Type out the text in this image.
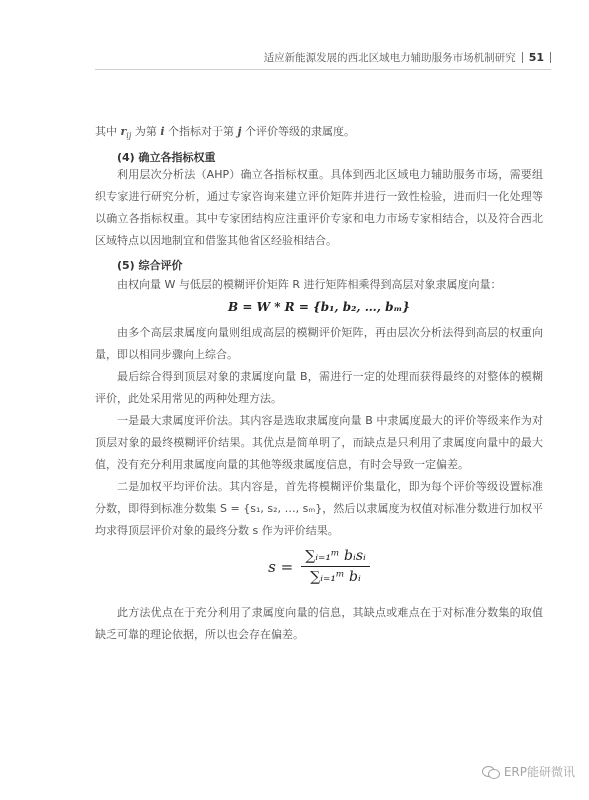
适应新能源发展的西北区域电力辅助服务市场机制研究 51
其中 $r_{ij}$ 为第 i 个指标对于第 j 个评价等级的隶属度。
(4) 确立各指标权重
利用层次分析法（AHP）确立各指标权重。具体到西北区域电力辅助服务市场，需要组织专家进行研究分析，通过专家咨询来建立评价矩阵并进行一致性检验，进而归一化处理等以确立各指标权重。其中专家团结构应注重评价专家和电力市场专家相结合，以及符合西北区域特点以因地制宜和借鉴其他省区经验相结合。
(5) 综合评价
由权向量 W 与低层的模糊评价矩阵 R 进行矩阵相乘得到高层对象隶属度向量：
B = W * R = {b₁, b₂, …, bₘ}
由多个高层隶属度向量则组成高层的模糊评价矩阵，再由层次分析法得到高层的权重向量，即以相同步骤向上综合。
最后综合得到顶层对象的隶属度向量 B，需进行一定的处理而获得最终的对整体的模糊评价，此处采用常见的两种处理方法。
一是最大隶属度评价法。其内容是选取隶属度向量 B 中隶属度最大的评价等级来作为对顶层对象的最终模糊评价结果。其优点是简单明了，而缺点是只利用了隶属度向量中的最大值，没有充分利用隶属度向量的其他等级隶属度信息，有时会导致一定偏差。
二是加权平均评价法。其内容是，首先将模糊评价集量化，即为每个评价等级设置标准分数，即得到标准分数集 S = {s₁, s₂, …, sₘ}，然后以隶属度为权值对标准分数进行加权平均求得顶层评价对象的最终分数 s 作为评价结果。
$s = \frac{\text{∑ᵢ₌₁ᵐ bᵢsᵢ}}{\text{∑ᵢ₌₁ᵐ bᵢ}}$
此方法优点在于充分利用了隶属度向量的信息，其缺点或难点在于对标准分数集的取值缺乏可靠的理论依据，所以也会存在偏差。
ERP能研微讯
